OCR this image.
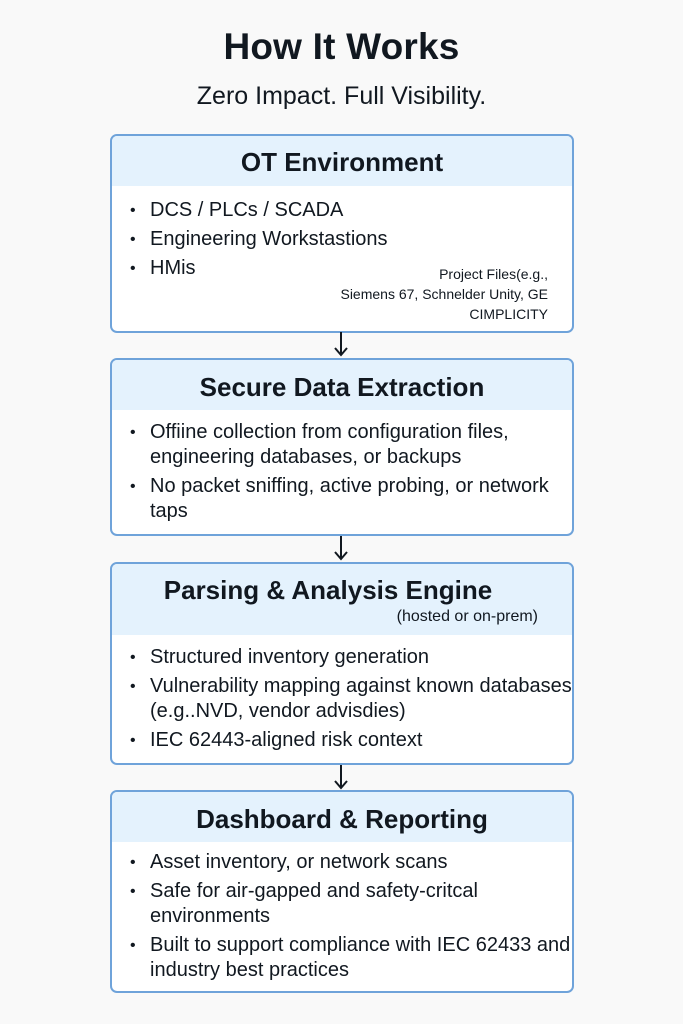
How It Works
Zero Impact. Full Visibility.
OT Environment
• DCS / PLCs / SCADA
• Engineering Workstastions
• HMis	Project Files(e.g.,
Siemens 67, Schnelder Unity, GE
CIMPLICITY
Secure Data Extraction
• Offiine collection from configuration files, engineering databases, or backups
• No packet sniffing, active probing, or network taps
Parsing & Analysis Engine
(hosted or on-prem)
• Structured inventory generation
• Vulnerability mapping against known databases (e.g..NVD, vendor advisdies)
• IEC 62443-aligned risk context
Dashboard & Reporting
• Asset inventory, or network scans
• Safe for air-gapped and safety-critcal environments
• Built to support compliance with IEC 62433 and industry best practices
